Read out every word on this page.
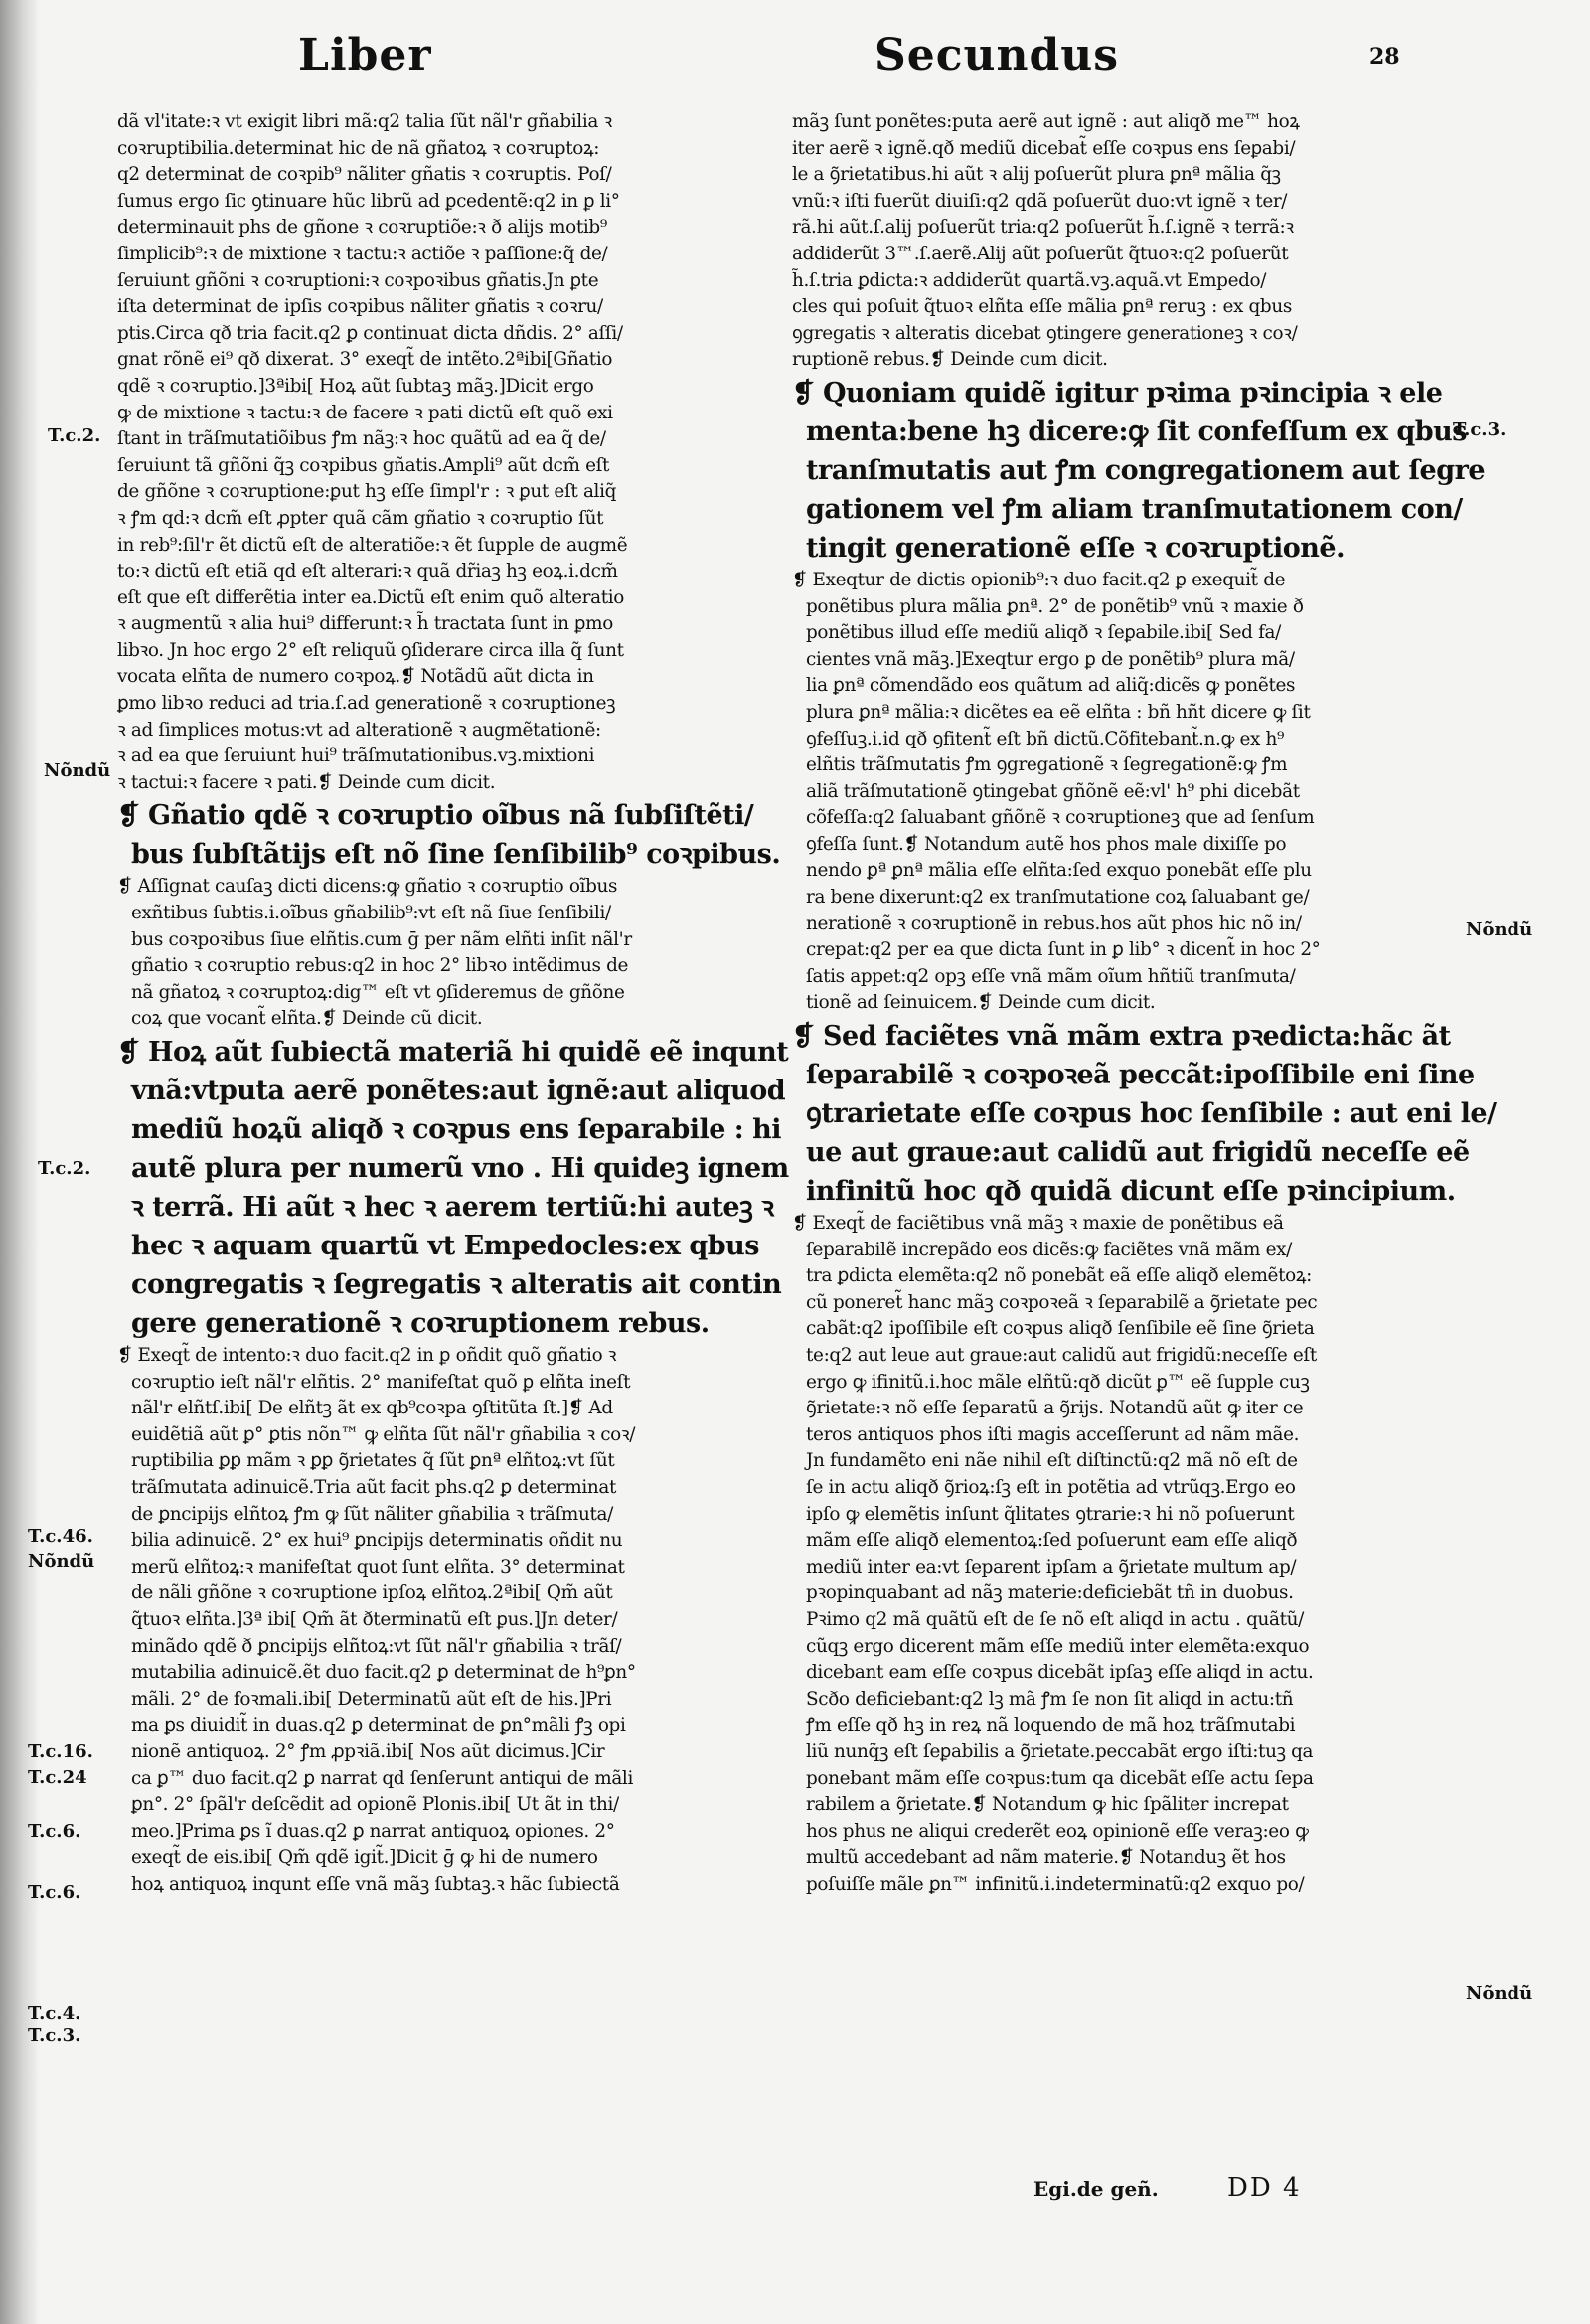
Liber	Secundus	28
dã vl'itate:ꝛ vt exigit libri mã:q2 talia ſũt nãl'r gñabilia ꝛ
coꝛruptibilia.determinat hic de nã gñatoꝝ ꝛ coꝛruptoꝝ:
q2 determinat de coꝛpib⁹ nãliter gñatis ꝛ coꝛruptis. Poſ/
ſumus ergo ſic ꝯtinuare hũc librũ ad ꝑcedentẽ:q2 in ꝑ li°
determinauit phs de gñone ꝛ coꝛruptiõe:ꝛ ð alijs motib⁹
ſimplicib⁹:ꝛ de mixtione ꝛ tactu:ꝛ actiõe ꝛ paſſione:q̃ de/
ſeruiunt gñõni ꝛ coꝛruptioni:ꝛ coꝛpoꝛibus gñatis.Jn ꝑte
iſta determinat de ipſis coꝛpibus nãliter gñatis ꝛ coꝛru/
ptis.Circa qð tria facit.q2 ꝑ continuat dicta dñdis. 2° aſſi/
gnat rõnẽ ei⁹ qð dixerat. 3° exeqt̃ de intẽto.2ªibi[Gñatio
qdẽ ꝛ coꝛruptio.]3ªibi[ Hoꝝ aũt ſubtaꝫ mãꝫ.]Dicit ergo
ꝙ de mixtione ꝛ tactu:ꝛ de facere ꝛ pati dictũ eſt quõ exi
ſtant in trãſmutatiõibus ꝭm nãꝫ:ꝛ hoc quãtũ ad ea q̃ de/
ſeruiunt tã gñõni q̃ꝫ coꝛpibus gñatis.Ampli⁹ aũt dcm̃ eſt
de gñõne ꝛ coꝛruptione:ꝑut hꝫ eſſe ſimpl'r : ꝛ ꝑut eſt aliq̃
ꝛ ꝭm qd:ꝛ dcm̃ eſt ꝓpter quã cãm gñatio ꝛ coꝛruptio ſũt
in reb⁹:ſil'r ẽt dictũ eſt de alteratiõe:ꝛ ẽt ſupple de augmẽ
to:ꝛ dictũ eſt etiã qd eſt alterari:ꝛ quã dr̃iaꝫ hꝫ eoꝝ.i.dcm̃
eſt que eſt differẽtia inter ea.Dictũ eſt enim quõ alteratio
ꝛ augmentũ ꝛ alia hui⁹ differunt:ꝛ h̃ tractata ſunt in ꝑmo
libꝛo. Jn hoc ergo 2° eſt reliquũ ꝯſiderare circa illa q̃ ſunt
vocata elñta de numero coꝛpoꝝ.❡ Notãdũ aũt dicta in
ꝑmo libꝛo reduci ad tria.ſ.ad generationẽ ꝛ coꝛruptioneꝫ
ꝛ ad ſimplices motus:vt ad alterationẽ ꝛ augmẽtationẽ:
ꝛ ad ea que ſeruiunt hui⁹ trãſmutationibus.vꝫ.mixtioni
ꝛ tactui:ꝛ facere ꝛ pati.❡ Deinde cum dicit.
❡ Gñatio qdẽ ꝛ coꝛruptio oĩbus nã ſubſiſtẽti/
bus ſubſtãtijs eſt nõ ſine ſenſibilib⁹ coꝛpibus.
❡ Aſſignat cauſaꝫ dicti dicens:ꝙ gñatio ꝛ coꝛruptio oĩbus
exñtibus ſubtis.i.oĩbus gñabilib⁹:vt eſt nã ſiue ſenſibili/
bus coꝛpoꝛibus ſiue elñtis.cum ḡ per nãm elñti inſit nãl'r
gñatio ꝛ coꝛruptio rebus:q2 in hoc 2° libꝛo intẽdimus de
nã gñatoꝝ ꝛ coꝛruptoꝝ:dig™ eſt vt ꝯſideremus de gñõne
coꝝ que vocant̃ elñta.❡ Deinde cũ dicit.
❡ Hoꝝ aũt ſubiectã materiã hi quidẽ eẽ inqunt
vnã:vtputa aerẽ ponẽtes:aut ignẽ:aut aliquod
mediũ hoꝝũ aliqð ꝛ coꝛpus ens ſeparabile : hi
autẽ plura per numerũ vno . Hi quideꝫ ignem
ꝛ terrã. Hi aũt ꝛ hec ꝛ aerem tertiũ:hi auteꝫ ꝛ
hec ꝛ aquam quartũ vt Empedocles:ex qbus
congregatis ꝛ ſegregatis ꝛ alteratis ait contin
gere generationẽ ꝛ coꝛruptionem rebus.
❡ Exeqt̃ de intento:ꝛ duo facit.q2 in ꝑ oñdit quõ gñatio ꝛ
coꝛruptio ieſt nãl'r elñtis. 2° manifeſtat quõ ꝑ elñta ineſt
nãl'r elñtſ.ibi[ De elñtꝫ ãt ex qb⁹coꝛpa ꝯſtitũta ſt.]❡ Ad
euidẽtiã aũt ꝑ° ꝑtis nõn™ ꝙ elñta ſũt nãl'r gñabilia ꝛ coꝛ/
ruptibilia ꝑꝑ mãm ꝛ ꝑꝑ ꝯ̃rietates q̃ ſũt ꝑnª elñtoꝝ:vt ſũt
trãſmutata adinuicẽ.Tria aũt facit phs.q2 ꝑ determinat
de ꝑncipijs elñtoꝝ ꝭm ꝙ ſũt nãliter gñabilia ꝛ trãſmuta/
bilia adinuicẽ. 2° ex hui⁹ ꝑncipijs determinatis oñdit nu
merũ elñtoꝝ:ꝛ manifeſtat quot ſunt elñta. 3° determinat
de nãli gñõne ꝛ coꝛruptione ipſoꝝ elñtoꝝ.2ªibi[ Qm̃ aũt
q̃tuoꝛ elñta.]3ª ibi[ Qm̃ ãt ðterminatũ eſt ꝑus.]Jn deter/
minãdo qdẽ ð ꝑncipijs elñtoꝝ:vt ſũt nãl'r gñabilia ꝛ trãſ/
mutabilia adinuicẽ.ẽt duo facit.q2 ꝑ determinat de h⁹ꝑn°
mãli. 2° de foꝛmali.ibi[ Determinatũ aũt eſt de his.]Pri
ma ꝑs diuidit̃ in duas.q2 ꝑ determinat de ꝑn°mãli ꝭꝫ opi
nionẽ antiquoꝝ. 2° ꝭm ꝓpꝛiã.ibi[ Nos aũt dicimus.]Cir
ca ꝑ™ duo facit.q2 ꝑ narrat qd ſenſerunt antiqui de mãli
ꝑn°. 2° ſpãl'r deſcẽdit ad opionẽ Plonis.ibi[ Ut ãt in thi/
meo.]Prima ꝑs ĩ duas.q2 ꝑ narrat antiquoꝝ opiones. 2°
exeqt̃ de eis.ibi[ Qm̃ qdẽ igit̃.]Dicit ḡ ꝙ hi de numero
hoꝝ antiquoꝝ inqunt eſſe vnã mãꝫ ſubtaꝫ.ꝛ hãc ſubiectã
mãꝫ ſunt ponẽtes:puta aerẽ aut ignẽ : aut aliqð me™ hoꝝ
iter aerẽ ꝛ ignẽ.qð mediũ dicebat̃ eſſe coꝛpus ens ſeꝑabi/
le a ꝯ̃rietatibus.hi aũt ꝛ alij poſuerũt plura ꝑnª mãlia q̃ꝫ
vnũ:ꝛ iſti fuerũt diuiſi:q2 qdã poſuerũt duo:vt ignẽ ꝛ ter/
rã.hi aũt.ſ.alij poſuerũt tria:q2 poſuerũt h̃.ſ.ignẽ ꝛ terrã:ꝛ
addiderũt 3™.ſ.aerẽ.Alij aũt poſuerũt q̃tuoꝛ:q2 poſuerũt
h̃.ſ.tria ꝑdicta:ꝛ addiderũt quartã.vꝫ.aquã.vt Empedo/
cles qui poſuit q̃tuoꝛ elñta eſſe mãlia ꝑnª reruꝫ : ex qbus
ꝯgregatis ꝛ alteratis dicebat ꝯtingere generationeꝫ ꝛ coꝛ/
ruptionẽ rebus.❡ Deinde cum dicit.
❡ Quoniam quidẽ igitur pꝛima pꝛincipia ꝛ ele
menta:bene hꝫ dicere:ꝙ ſit confeſſum ex qbus
tranſmutatis aut ꝭm congregationem aut ſegre
gationem vel ꝭm aliam tranſmutationem con/
tingit generationẽ eſſe ꝛ coꝛruptionẽ.
❡ Exeqtur de dictis opionib⁹:ꝛ duo facit.q2 ꝑ exequit̃ de
ponẽtibus plura mãlia ꝑnª. 2° de ponẽtib⁹ vnũ ꝛ maxie ð
ponẽtibus illud eſſe mediũ aliqð ꝛ ſeꝑabile.ibi[ Sed fa/
cientes vnã mãꝫ.]Exeqtur ergo ꝑ de ponẽtib⁹ plura mã/
lia ꝑnª cõmendãdo eos quãtum ad aliq̃:dicẽs ꝙ ponẽtes
plura ꝑnª mãlia:ꝛ dicẽtes ea eẽ elñta : bñ hñt dicere ꝙ ſit
ꝯfeſſuꝫ.i.id qð ꝯfitent̃ eſt bñ dictũ.Cõfitebant̃.n.ꝙ ex h⁹
elñtis trãſmutatis ꝭm ꝯgregationẽ ꝛ ſegregationẽ:ꝙ ꝭm
aliã trãſmutationẽ ꝯtingebat gñõnẽ eẽ:vl' h⁹ phi dicebãt
cõfeſſa:q2 ſaluabant gñõnẽ ꝛ coꝛruptioneꝫ que ad ſenſum
ꝯfeſſa ſunt.❡ Notandum autẽ hos phos male dixiſſe po
nendo ꝑª ꝑnª mãlia eſſe elñta:ſed exquo ponebãt eſſe plu
ra bene dixerunt:q2 ex tranſmutatione coꝝ ſaluabant ge/
nerationẽ ꝛ coꝛruptionẽ in rebus.hos aũt phos hic nõ in/
crepat:q2 per ea que dicta ſunt in ꝑ lib° ꝛ dicent̃ in hoc 2°
ſatis appet:q2 opꝫ eſſe vnã mãm oĩum hñtiũ tranſmuta/
tionẽ ad ſeinuicem.❡ Deinde cum dicit.
❡ Sed faciẽtes vnã mãm extra pꝛedicta:hãc ãt
ſeparabilẽ ꝛ coꝛpoꝛeã peccãt:ipoſſibile eni ſine
ꝯtrarietate eſſe coꝛpus hoc ſenſibile : aut eni le/
ue aut graue:aut calidũ aut frigidũ neceſſe eẽ
infinitũ hoc qð quidã dicunt eſſe pꝛincipium.
❡ Exeqt̃ de faciẽtibus vnã mãꝫ ꝛ maxie de ponẽtibus eã
ſeparabilẽ increpãdo eos dicẽs:ꝙ faciẽtes vnã mãm ex/
tra ꝑdicta elemẽta:q2 nõ ponebãt eã eſſe aliqð elemẽtoꝝ:
cũ poneret̃ hanc mãꝫ coꝛpoꝛeã ꝛ ſeparabilẽ a ꝯ̃rietate pec
cabãt:q2 ipoſſibile eſt coꝛpus aliqð ſenſibile eẽ ſine ꝯ̃rieta
te:q2 aut leue aut graue:aut calidũ aut frigidũ:neceſſe eſt
ergo ꝙ ifinitũ.i.hoc mãle elñtũ:qð dicũt ꝑ™ eẽ ſupple cuꝫ
ꝯ̃rietate:ꝛ nõ eſſe ſeparatũ a ꝯ̃rijs. Notandũ aũt ꝙ iter ce
teros antiquos phos iſti magis acceſſerunt ad nãm mãe.
Jn fundamẽto eni nãe nihil eſt diſtinctũ:q2 mã nõ eſt de
ſe in actu aliqð ꝯ̃rioꝝ:ſꝫ eſt in potẽtia ad vtrũqꝫ.Ergo eo
ipſo ꝙ elemẽtis inſunt q̃litates ꝯtrarie:ꝛ hi nõ poſuerunt
mãm eſſe aliqð elementoꝝ:ſed poſuerunt eam eſſe aliqð
mediũ inter ea:vt ſeparent ipſam a ꝯ̃rietate multum ap/
pꝛopinquabant ad nãꝫ materie:deficiebãt tñ in duobus.
Pꝛimo q2 mã quãtũ eſt de ſe nõ eſt aliqd in actu . quãtũ/
cũqꝫ ergo dicerent mãm eſſe mediũ inter elemẽta:exquo
dicebant eam eſſe coꝛpus dicebãt ipſaꝫ eſſe aliqd in actu.
Scðo deficiebant:q2 lꝫ mã ꝭm ſe non ſit aliqd in actu:tñ
ꝭm eſſe qð hꝫ in reꝝ nã loquendo de mã hoꝝ trãſmutabi
liũ nunq̃ꝫ eſt ſeꝑabilis a ꝯ̃rietate.peccabãt ergo iſti:tuꝫ qa
ponebant mãm eſſe coꝛpus:tum qa dicebãt eſſe actu ſepa
rabilem a ꝯ̃rietate.❡ Notandum ꝙ hic ſpãliter increpat
hos phus ne aliqui crederẽt eoꝝ opinionẽ eſſe veraꝫ:eo ꝙ
multũ accedebant ad nãm materie.❡ Notanduꝫ ẽt hos
poſuiſſe mãle ꝑn™ infinitũ.i.indeterminatũ:q2 exquo po/
T.c.2.
Nõndũ
T.c.2.
T.c.46.
Nõndũ
T.c.16.
T.c.24
T.c.6.
T.c.6.
T.c.4.
T.c.3.
T.c.3.
Nõndũ
Nõndũ
Egi.de geñ.	DD 4
